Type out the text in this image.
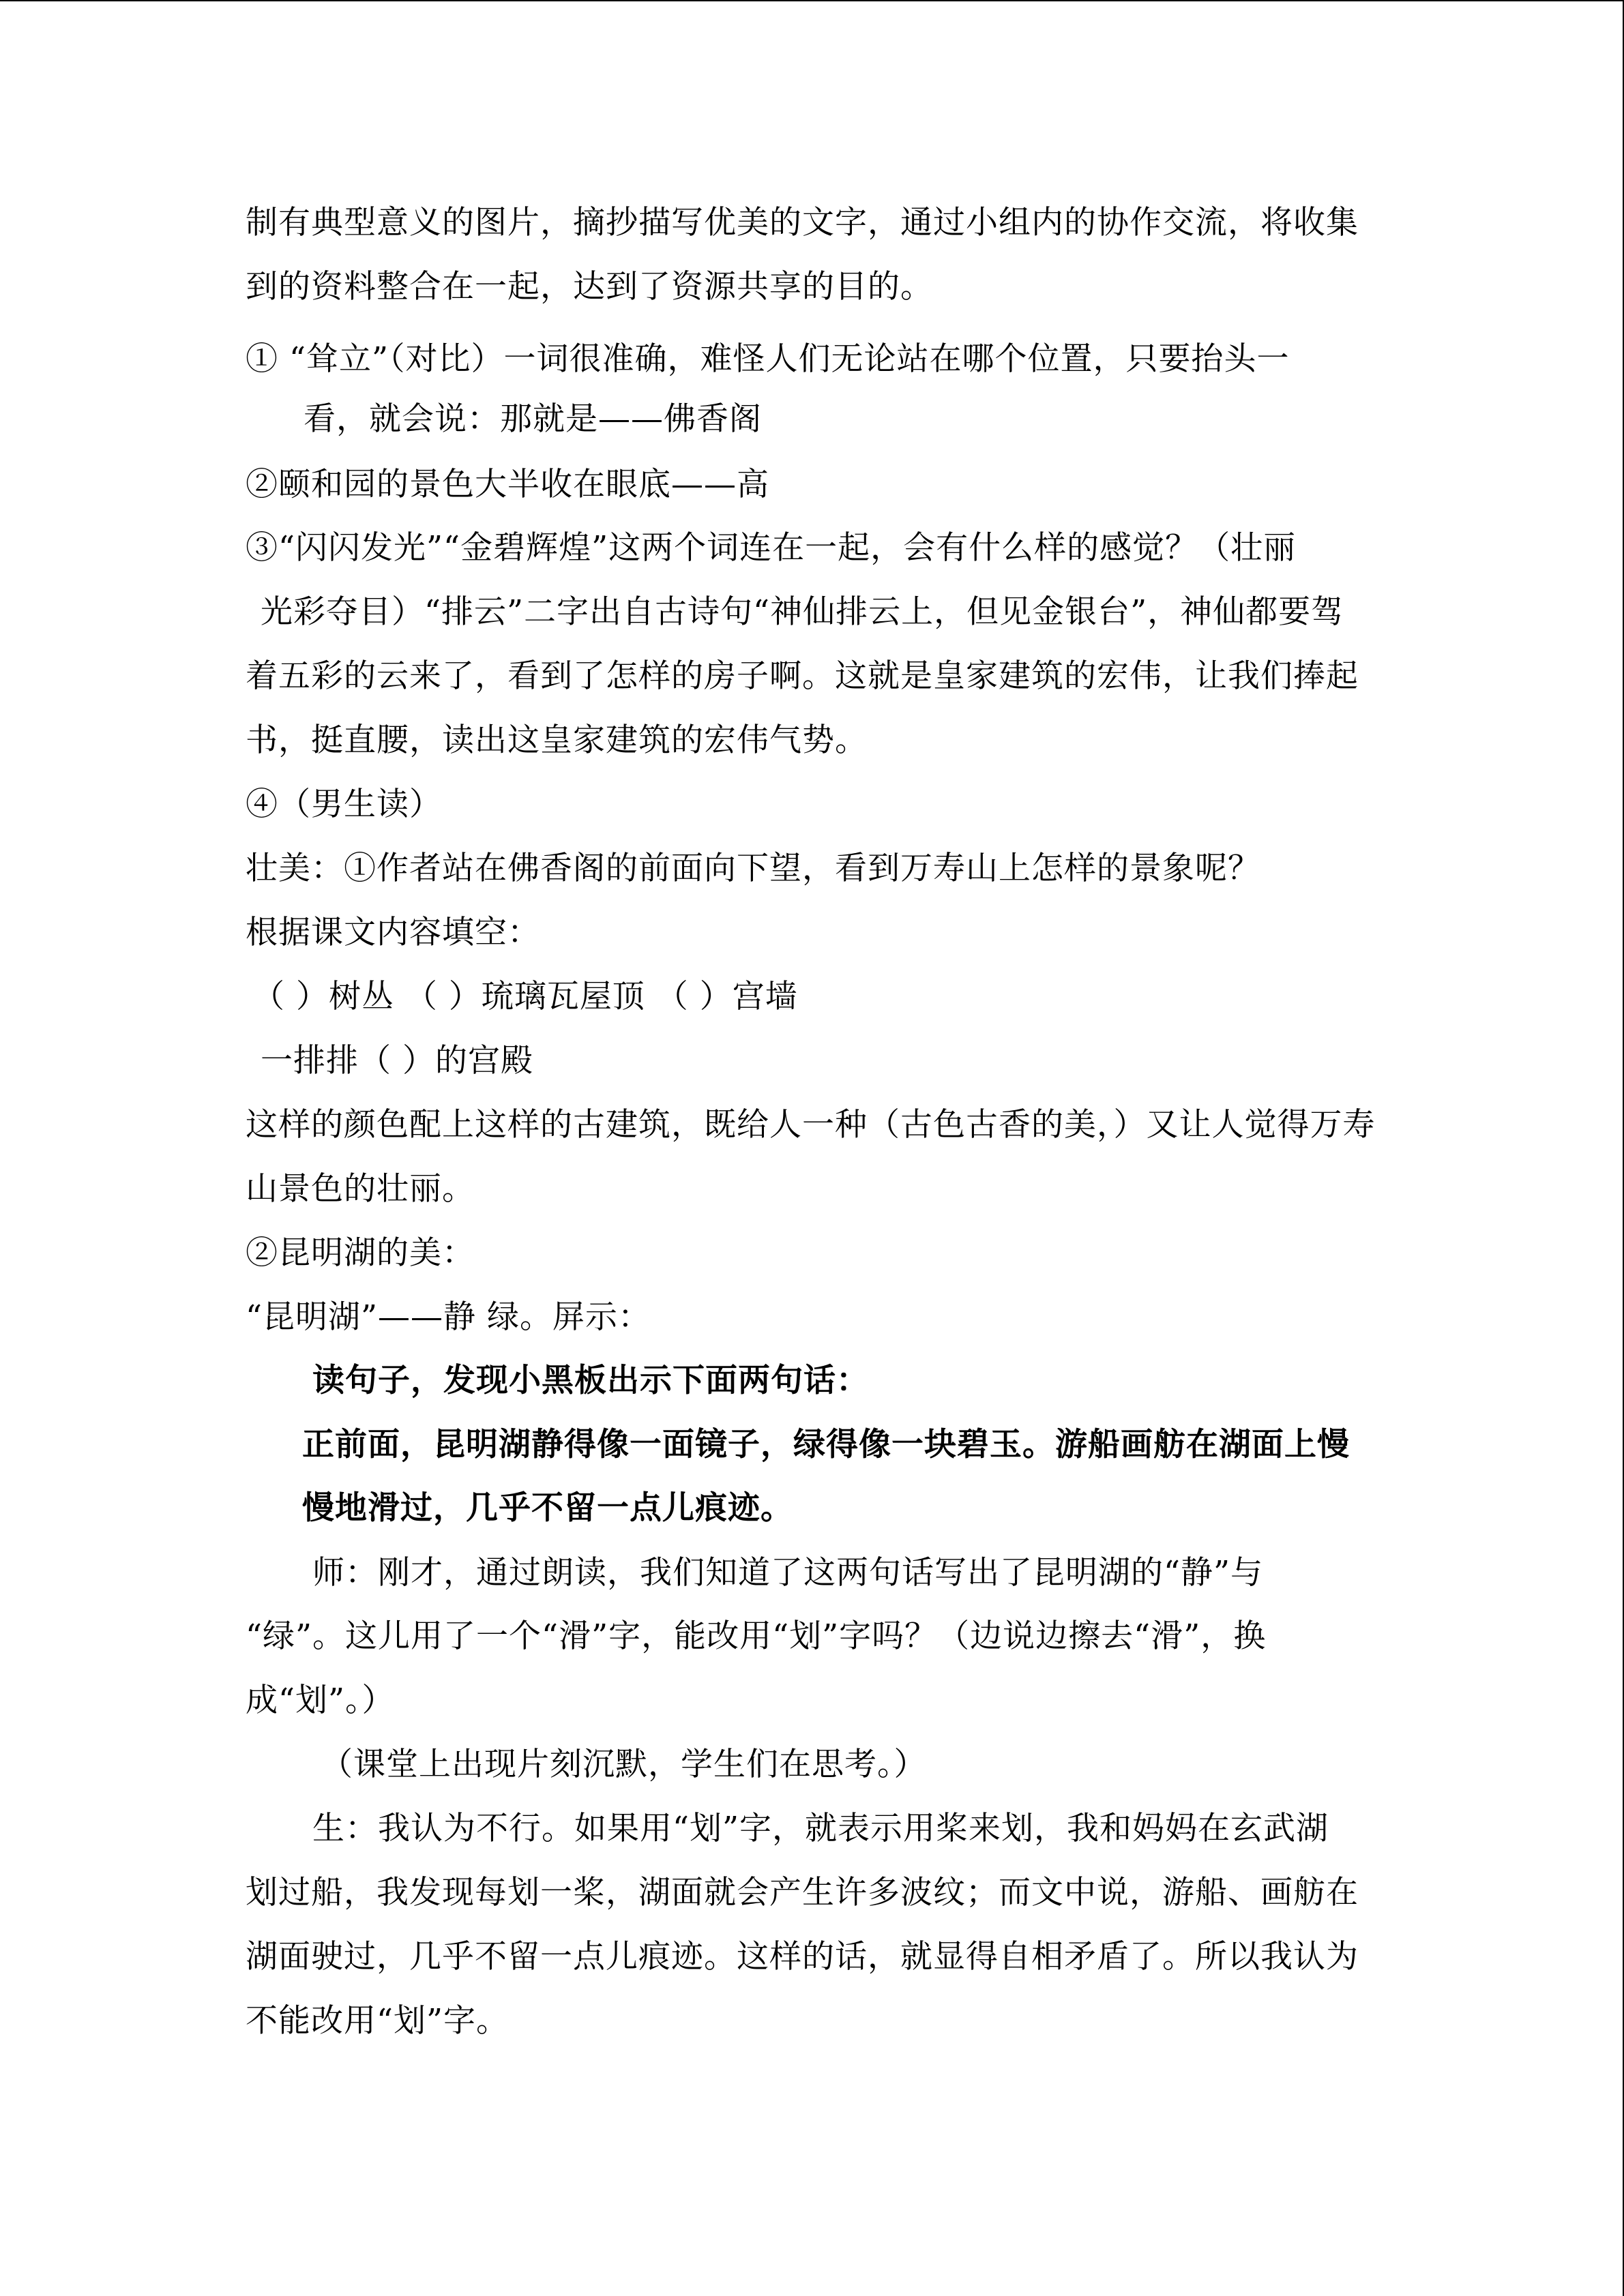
制有典型意义的图片，摘抄描写优美的文字，通过小组内的协作交流，将收集
到的资料整合在一起，达到了资源共享的目的。
① “耸立”（对比）一词很准确，难怪人们无论站在哪个位置，只要抬头一
看，就会说：那就是——佛香阁
②颐和园的景色大半收在眼底——高
③“闪闪发光”“金碧辉煌”这两个词连在一起，会有什么样的感觉？（壮丽
光彩夺目）“排云”二字出自古诗句“神仙排云上，但见金银台”，神仙都要驾
着五彩的云来了，看到了怎样的房子啊。这就是皇家建筑的宏伟，让我们捧起
书，挺直腰，读出这皇家建筑的宏伟气势。
④（男生读）
壮美：①作者站在佛香阁的前面向下望，看到万寿山上怎样的景象呢？
根据课文内容填空：
（ ）树丛 （ ）琉璃瓦屋顶 （ ）宫墙
一排排（ ）的宫殿
这样的颜色配上这样的古建筑，既给人一种（古色古香的美，）又让人觉得万寿
山景色的壮丽。
②昆明湖的美：
“昆明湖”——静 绿。屏示：
读句子，发现小黑板出示下面两句话：
正前面，昆明湖静得像一面镜子，绿得像一块碧玉。游船画舫在湖面上慢
慢地滑过，几乎不留一点儿痕迹。
师：刚才，通过朗读，我们知道了这两句话写出了昆明湖的“静”与
“绿”。这儿用了一个“滑”字，能改用“划”字吗？（边说边擦去“滑”，换
成“划”。）
（课堂上出现片刻沉默，学生们在思考。）
生：我认为不行。如果用“划”字，就表示用桨来划，我和妈妈在玄武湖
划过船，我发现每划一桨，湖面就会产生许多波纹；而文中说，游船、画舫在
湖面驶过，几乎不留一点儿痕迹。这样的话，就显得自相矛盾了。所以我认为
不能改用“划”字。
